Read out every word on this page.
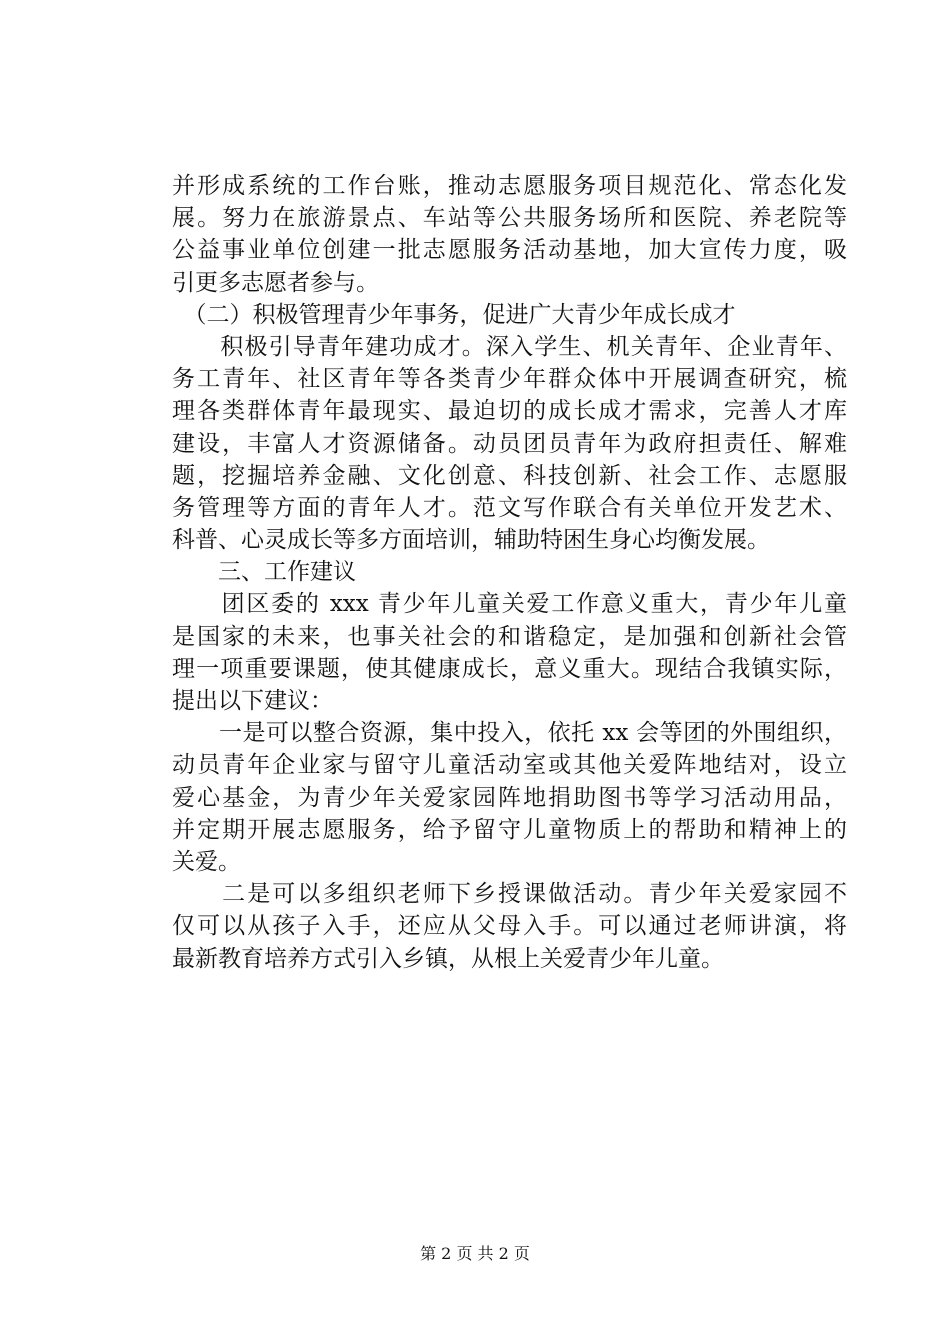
并形成系统的工作台账，推动志愿服务项目规范化、常态化发
展。努力在旅游景点、车站等公共服务场所和医院、养老院等
公益事业单位创建一批志愿服务活动基地，加大宣传力度，吸
引更多志愿者参与。
　（二）积极管理青少年事务，促进广大青少年成长成才
　　积极引导青年建功成才。深入学生、机关青年、企业青年、
务工青年、社区青年等各类青少年群众体中开展调查研究，梳
理各类群体青年最现实、最迫切的成长成才需求，完善人才库
建设，丰富人才资源储备。动员团员青年为政府担责任、解难
题，挖掘培养金融、文化创意、科技创新、社会工作、志愿服
务管理等方面的青年人才。范文写作联合有关单位开发艺术、
科普、心灵成长等多方面培训，辅助特困生身心均衡发展。
　　三、工作建议
　　团区委的 xxx 青少年儿童关爱工作意义重大，青少年儿童
是国家的未来，也事关社会的和谐稳定，是加强和创新社会管
理一项重要课题，使其健康成长，意义重大。现结合我镇实际，
提出以下建议：
　　一是可以整合资源，集中投入，依托 xx 会等团的外围组织，
动员青年企业家与留守儿童活动室或其他关爱阵地结对，设立
爱心基金，为青少年关爱家园阵地捐助图书等学习活动用品，
并定期开展志愿服务，给予留守儿童物质上的帮助和精神上的
关爱。
　　二是可以多组织老师下乡授课做活动。青少年关爱家园不
仅可以从孩子入手，还应从父母入手。可以通过老师讲演，将
最新教育培养方式引入乡镇，从根上关爱青少年儿童。
第 2 页 共 2 页
